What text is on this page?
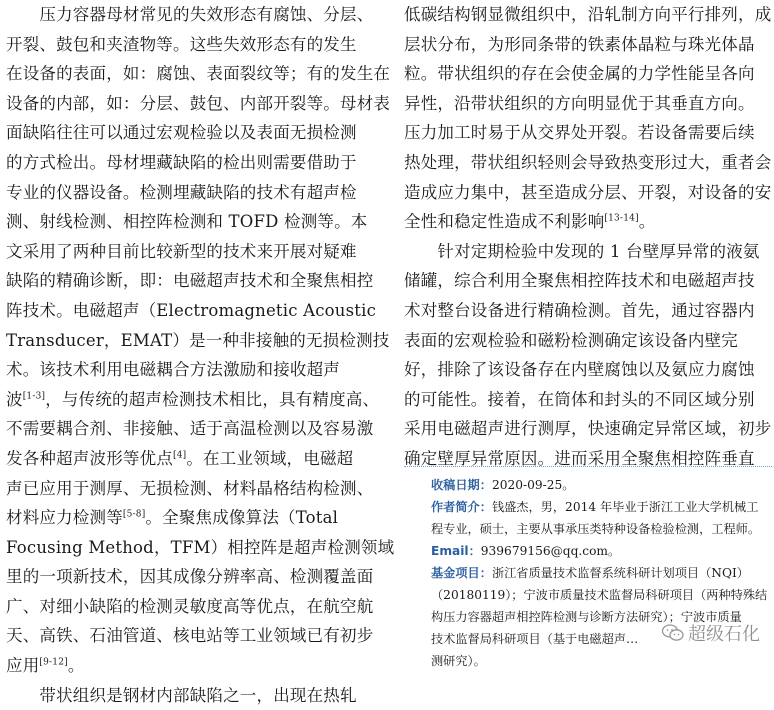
　　压力容器母材常见的失效形态有腐蚀、分层、
开裂、鼓包和夹渣物等。这些失效形态有的发生
在设备的表面，如：腐蚀、表面裂纹等；有的发生在
设备的内部，如：分层、鼓包、内部开裂等。母材表
面缺陷往往可以通过宏观检验以及表面无损检测
的方式检出。母材埋藏缺陷的检出则需要借助于
专业的仪器设备。检测埋藏缺陷的技术有超声检
测、射线检测、相控阵检测和 TOFD 检测等。本
文采用了两种目前比较新型的技术来开展对疑难
缺陷的精确诊断，即：电磁超声技术和全聚焦相控
阵技术。电磁超声（Electromagnetic Acoustic
Transducer，EMAT）是一种非接触的无损检测技
术。该技术利用电磁耦合方法激励和接收超声
波[1-3]，与传统的超声检测技术相比，具有精度高、
不需要耦合剂、非接触、适于高温检测以及容易激
发各种超声波形等优点[4]。在工业领域，电磁超
声已应用于测厚、无损检测、材料晶格结构检测、
材料应力检测等[5-8]。全聚焦成像算法（Total
Focusing Method，TFM）相控阵是超声检测领域
里的一项新技术，因其成像分辨率高、检测覆盖面
广、对细小缺陷的检测灵敏度高等优点，在航空航
天、高铁、石油管道、核电站等工业领域已有初步
应用[9-12]。
　　带状组织是钢材内部缺陷之一，出现在热轧
低碳结构钢显微组织中，沿轧制方向平行排列，成
层状分布，为形同条带的铁素体晶粒与珠光体晶
粒。带状组织的存在会使金属的力学性能呈各向
异性，沿带状组织的方向明显优于其垂直方向。
压力加工时易于从交界处开裂。若设备需要后续
热处理，带状组织轻则会导致热变形过大，重者会
造成应力集中，甚至造成分层、开裂，对设备的安
全性和稳定性造成不利影响[13-14]。
　　针对定期检验中发现的 1 台壁厚异常的液氨
储罐，综合利用全聚焦相控阵技术和电磁超声技
术对整台设备进行精确检测。首先，通过容器内
表面的宏观检验和磁粉检测确定该设备内壁完
好，排除了该设备存在内壁腐蚀以及氨应力腐蚀
的可能性。接着，在筒体和封头的不同区域分别
采用电磁超声进行测厚，快速确定异常区域，初步
确定壁厚异常原因。进而采用全聚焦相控阵垂直
收稿日期：2020-09-25。
作者简介：钱盛杰，男，2014 年毕业于浙江工业大学机械工
程专业，硕士，主要从事承压类特种设备检验检测，工程师。
Email：939679156@qq.com。
基金项目：浙江省质量技术监督系统科研计划项目（NQI）
（20180119）；宁波市质量技术监督局科研项目（两种特殊结
构压力容器超声相控阵检测与诊断方法研究）；宁波市质量
技术监督局科研项目（基于电磁超声…
测研究）。
超级石化
